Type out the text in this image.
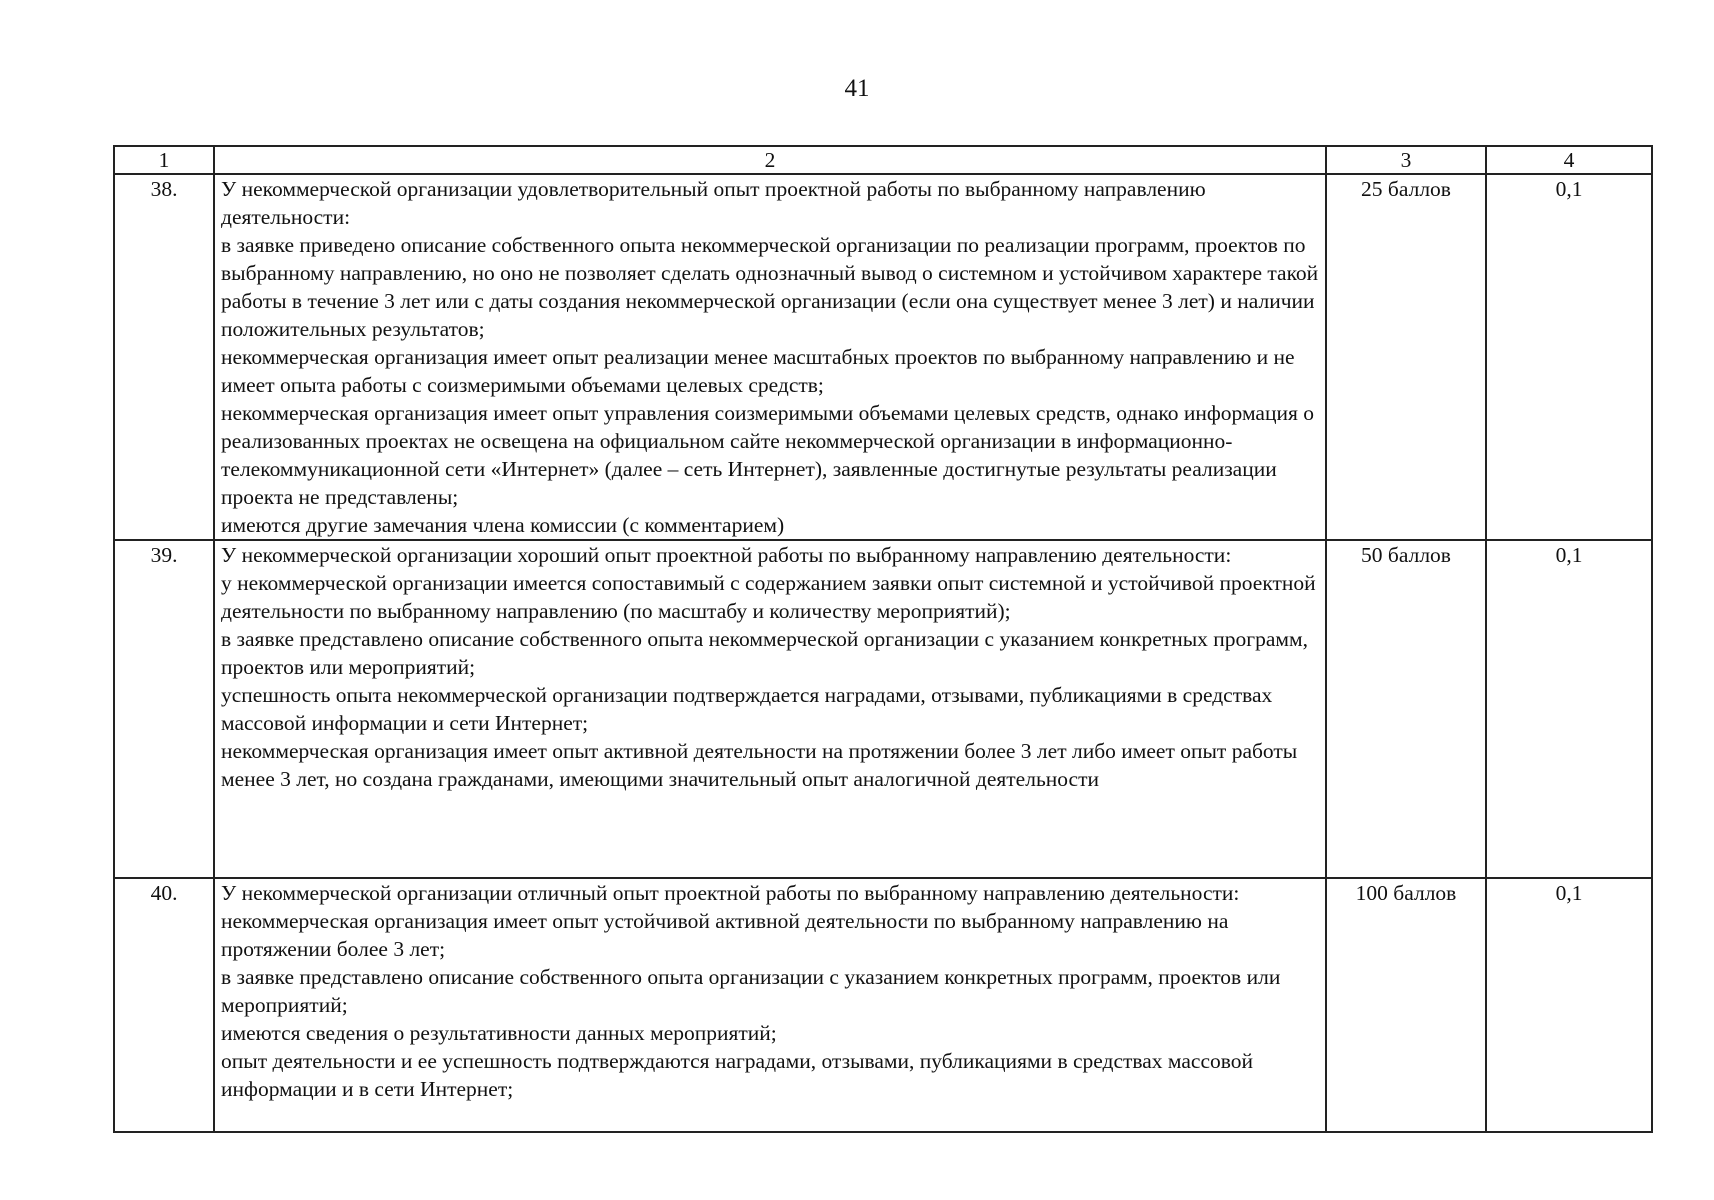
41
1	2	3	4
38.	У некоммерческой организации удовлетворительный опыт проектной работы по выбранному направлению деятельности:

в заявке приведено описание собственного опыта некоммерческой организации по реализации программ, проектов по выбранному направлению, но оно не позволяет сделать однозначный вывод о системном и устойчивом характере такой работы в течение 3 лет или с даты создания некоммерческой организации (если она существует менее 3 лет) и наличии положительных результатов;

некоммерческая организация имеет опыт реализации менее масштабных проектов по выбранному направлению и не имеет опыта работы с соизмеримыми объемами целевых средств;

некоммерческая организация имеет опыт управления соизмеримыми объемами целевых средств, однако информация о реализованных проектах не освещена на официальном сайте некоммерческой организации в информационно-телекоммуникационной сети «Интернет» (далее – сеть Интернет), заявленные достигнутые результаты реализации проекта не представлены;

имеются другие замечания члена комиссии (с комментарием)	25 баллов	0,1
39.	У некоммерческой организации хороший опыт проектной работы по выбранному направлению деятельности:

у некоммерческой организации имеется сопоставимый с содержанием заявки опыт системной и устойчивой проектной деятельности по выбранному направлению (по масштабу и количеству мероприятий);

в заявке представлено описание собственного опыта некоммерческой организации с указанием конкретных программ, проектов или мероприятий;

успешность опыта некоммерческой организации подтверждается наградами, отзывами, публикациями в средствах массовой информации и сети Интернет;

некоммерческая организация имеет опыт активной деятельности на протяжении более 3 лет либо имеет опыт работы менее 3 лет, но создана гражданами, имеющими значительный опыт аналогичной деятельности	50 баллов	0,1
40.	У некоммерческой организации отличный опыт проектной работы по выбранному направлению деятельности:

некоммерческая организация имеет опыт устойчивой активной деятельности по выбранному направлению на протяжении более 3 лет;

в заявке представлено описание собственного опыта организации с указанием конкретных программ, проектов или мероприятий;

имеются сведения о результативности данных мероприятий;

опыт деятельности и ее успешность подтверждаются наградами, отзывами, публикациями в средствах массовой информации и в сети Интернет;	100 баллов	0,1
